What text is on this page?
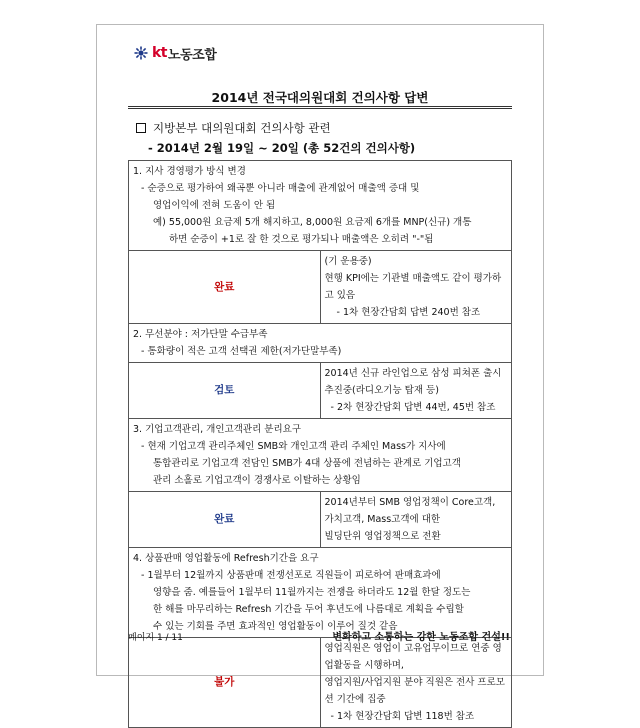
kt 노동조합
2014년 전국대의원대회 건의사항 답변
지방본부 대의원대회 건의사항 관련
- 2014년 2월 19일 ~ 20일 (총 52건의 건의사항)
1. 지사 경영평가 방식 변경
- 순증으로 평가하여 왜곡뿐 아니라 매출에 관계없어 매출액 증대 및
영업이익에 전혀 도움이 안 됨
예) 55,000원 요금제 5개 해지하고, 8,000원 요금제 6개를 MNP(신규) 개통
하면 순증이 +1로 잘 한 것으로 평가되나 매출액은 오히려 "-"됨	

완료	(기 운용중)
현행 KPI에는 기관별 매출액도 같이 평가하고 있음
- 1차 현장간담회 답변 240번 참조

2. 무선분야 : 저가단말 수급부족
- 통화량이 적은 고객 선택권 제한(저가단말부족)	

검토	2014년 신규 라인업으로 삼성 피쳐폰 출시 추진중(라디오기능 탑재 등)
- 2차 현장간담회 답변 44번, 45번 참조

3. 기업고객관리, 개인고객관리 분리요구
- 현재 기업고객 관리주체인 SMB와 개인고객 관리 주체인 Mass가 지사에
통합관리로 기업고객 전담인 SMB가 4대 상품에 전념하는 관계로 기업고객
관리 소홀로 기업고객이 경쟁사로 이탈하는 상황임	

완료	2014년부터 SMB 영업정책이 Core고객, 가치고객, Mass고객에 대한
빌딩단위 영업정책으로 전환

4. 상품판매 영업활동에 Refresh기간을 요구
- 1월부터 12월까지 상품판매 전쟁선포로 직원들이 피로하여 판매효과에
영향을 줌. 예를들어 1월부터 11월까지는 전쟁을 하더라도 12월 한달 정도는
한 해를 마무리하는 Refresh 기간을 두어 후년도에 나름대로 계획을 수립할
수 있는 기회를 주면 효과적인 영업활동이 이루어 질것 같음	

불가	영업직원은 영업이 고유업무이므로 연중 영업활동을 시행하며,
영업지원/사업지원 분야 직원은 전사 프로모션 기간에 집중
- 1차 현장간담회 답변 118번 참조
페이지 1 / 11	변화하고 소통하는 강한 노동조합 건설!!
